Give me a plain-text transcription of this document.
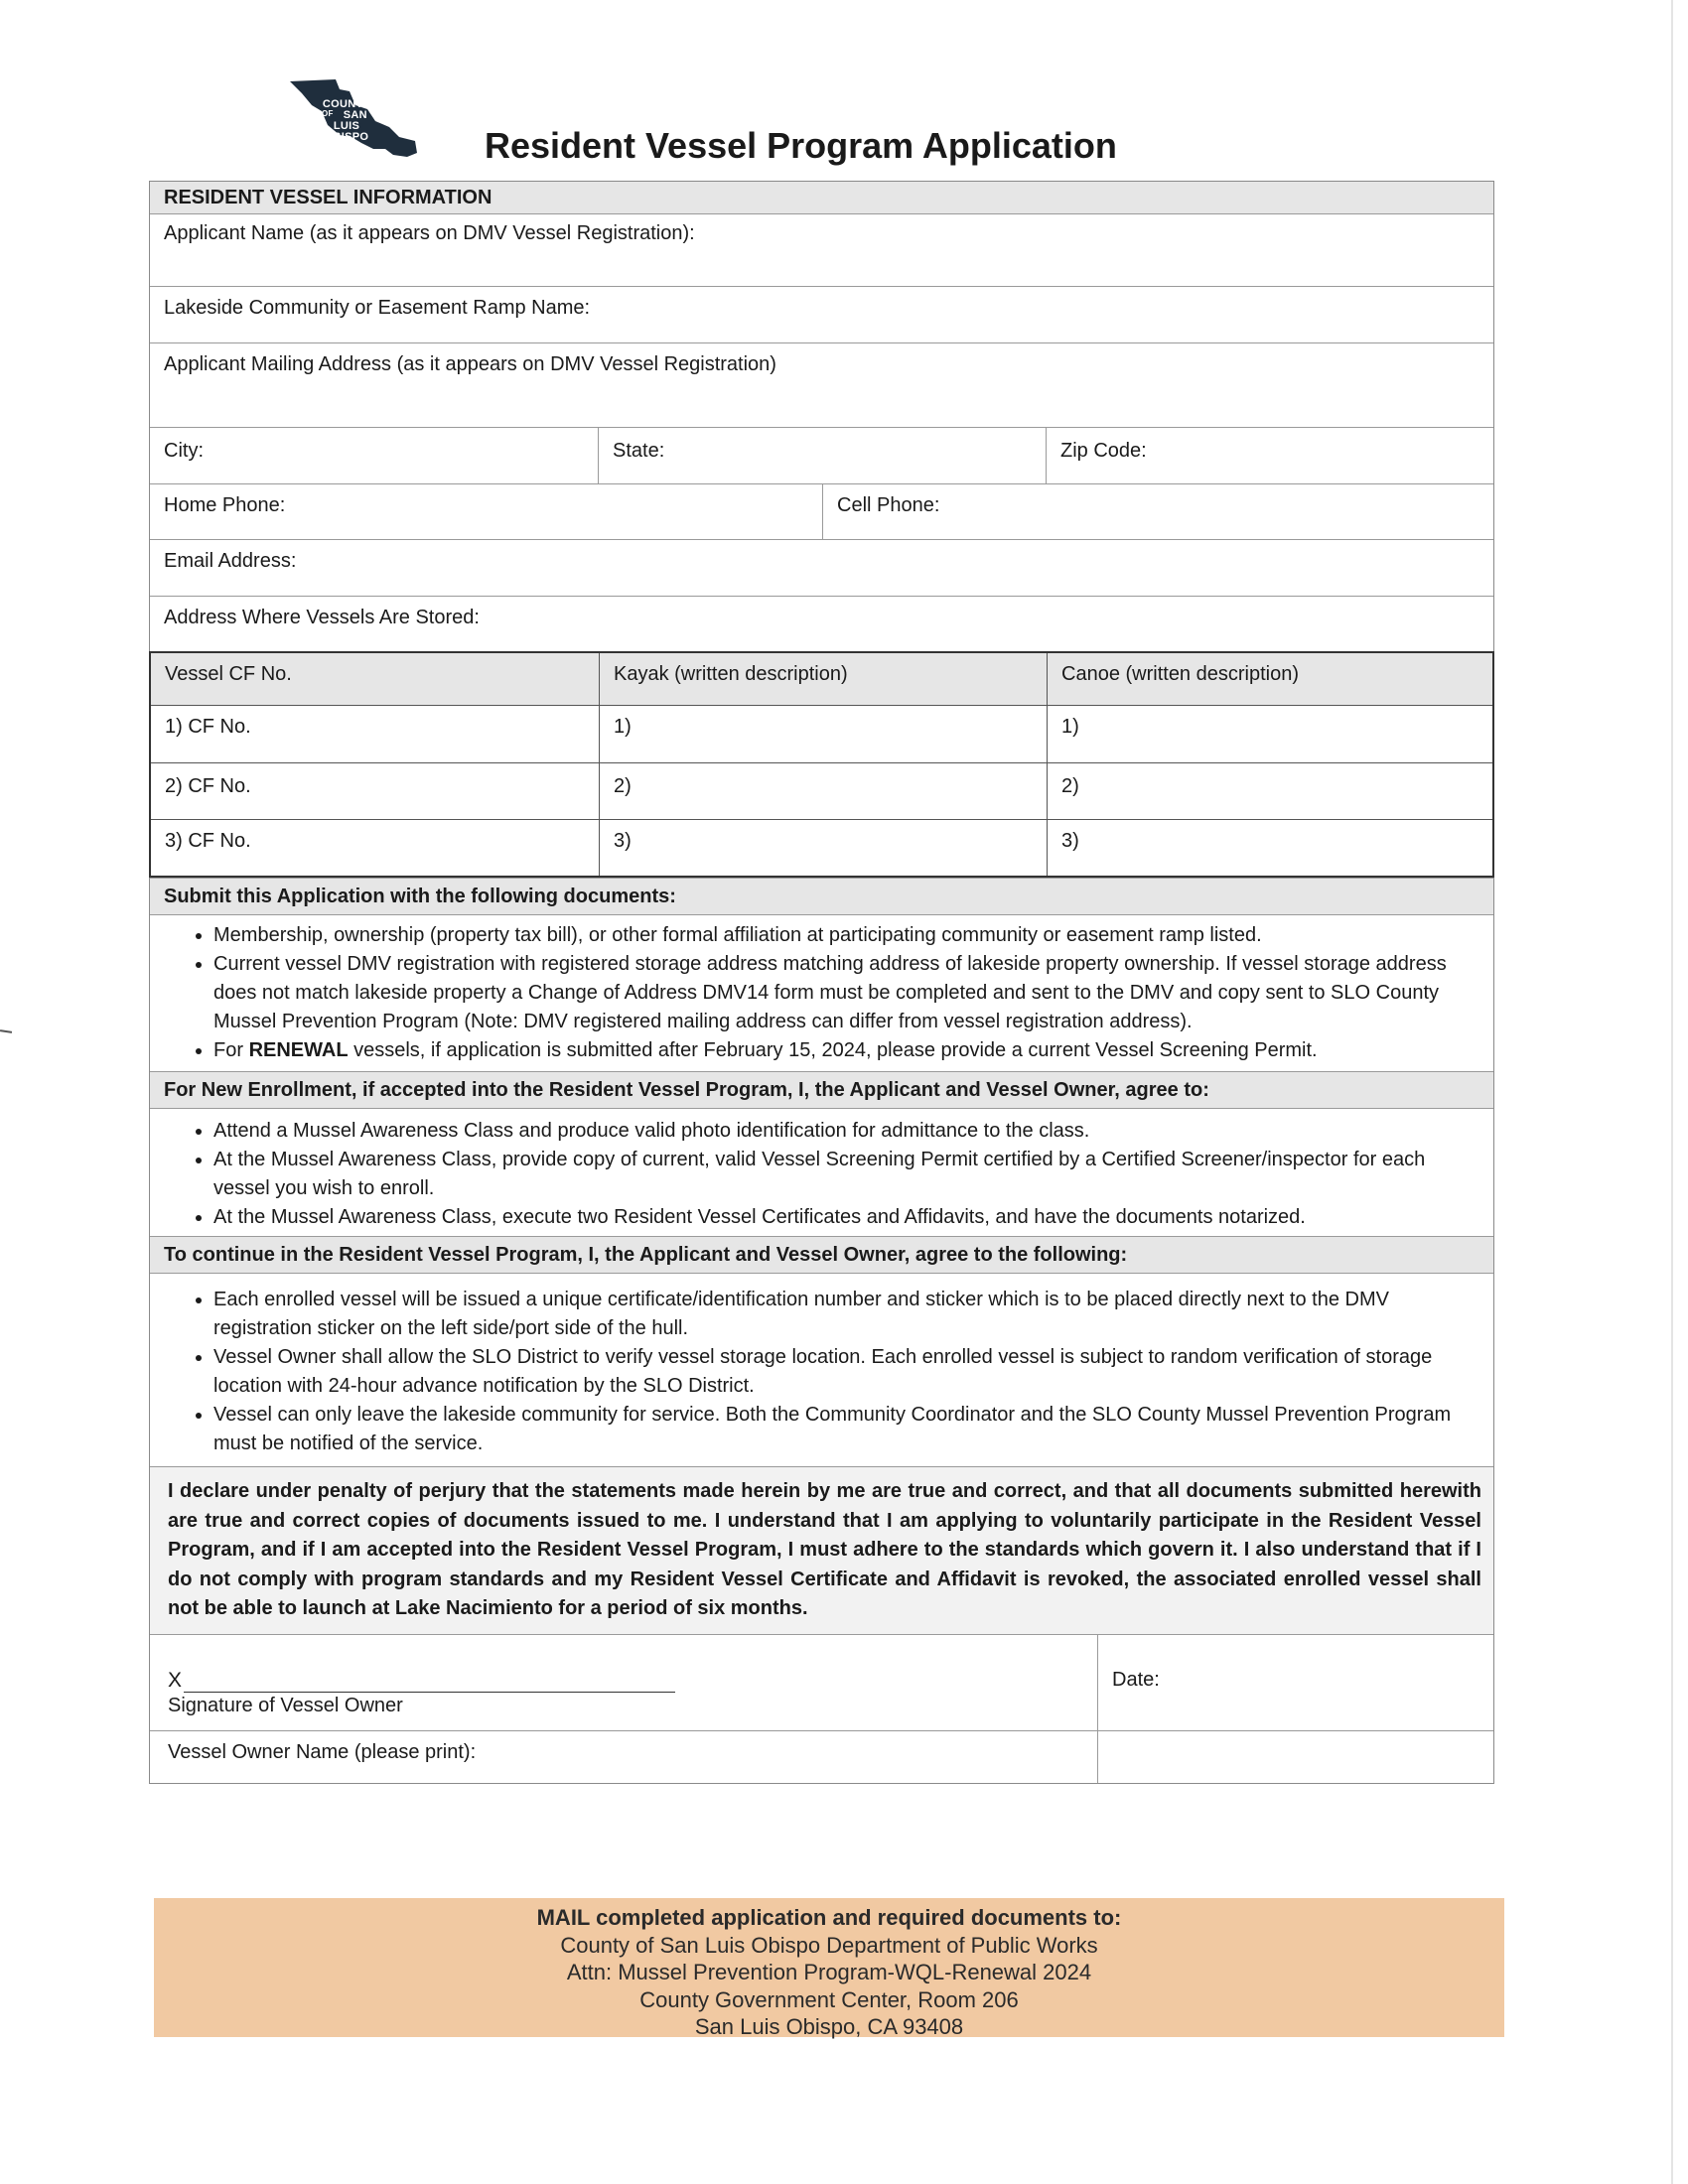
COUNTY
OF SAN LUIS
OBISPO	Resident Vessel Program Application
RESIDENT VESSEL INFORMATION
Applicant Name (as it appears on DMV Vessel Registration):
Lakeside Community or Easement Ramp Name:
Applicant Mailing Address (as it appears on DMV Vessel Registration)
City:	State:	Zip Code:
Home Phone:	Cell Phone:
Email Address:
Address Where Vessels Are Stored:
Vessel CF No.	Kayak (written description)	Canoe (written description)
1) CF No.	1)	1)
2) CF No.	2)	2)
3) CF No.	3)	3)
Submit this Application with the following documents:
• Membership, ownership (property tax bill), or other formal affiliation at participating community or easement ramp listed.
• Current vessel DMV registration with registered storage address matching address of lakeside property ownership. If vessel storage address does not match lakeside property a Change of Address DMV14 form must be completed and sent to the DMV and copy sent to SLO County Mussel Prevention Program (Note: DMV registered mailing address can differ from vessel registration address).
• For RENEWAL vessels, if application is submitted after February 15, 2024, please provide a current Vessel Screening Permit.
For New Enrollment, if accepted into the Resident Vessel Program, I, the Applicant and Vessel Owner, agree to:
• Attend a Mussel Awareness Class and produce valid photo identification for admittance to the class.
• At the Mussel Awareness Class, provide copy of current, valid Vessel Screening Permit certified by a Certified Screener/inspector for each vessel you wish to enroll.
• At the Mussel Awareness Class, execute two Resident Vessel Certificates and Affidavits, and have the documents notarized.
To continue in the Resident Vessel Program, I, the Applicant and Vessel Owner, agree to the following:
• Each enrolled vessel will be issued a unique certificate/identification number and sticker which is to be placed directly next to the DMV registration sticker on the left side/port side of the hull.
• Vessel Owner shall allow the SLO District to verify vessel storage location. Each enrolled vessel is subject to random verification of storage location with 24-hour advance notification by the SLO District.
• Vessel can only leave the lakeside community for service. Both the Community Coordinator and the SLO County Mussel Prevention Program must be notified of the service.
I declare under penalty of perjury that the statements made herein by me are true and correct, and that all documents submitted herewith are true and correct copies of documents issued to me. I understand that I am applying to voluntarily participate in the Resident Vessel Program, and if I am accepted into the Resident Vessel Program, I must adhere to the standards which govern it. I also understand that if I do not comply with program standards and my Resident Vessel Certificate and Affidavit is revoked, the associated enrolled vessel shall not be able to launch at Lake Nacimiento for a period of six months.
X
Signature of Vessel Owner
Date:
Vessel Owner Name (please print):
MAIL completed application and required documents to:
County of San Luis Obispo Department of Public Works
Attn: Mussel Prevention Program-WQL-Renewal 2024
County Government Center, Room 206
San Luis Obispo, CA 93408
